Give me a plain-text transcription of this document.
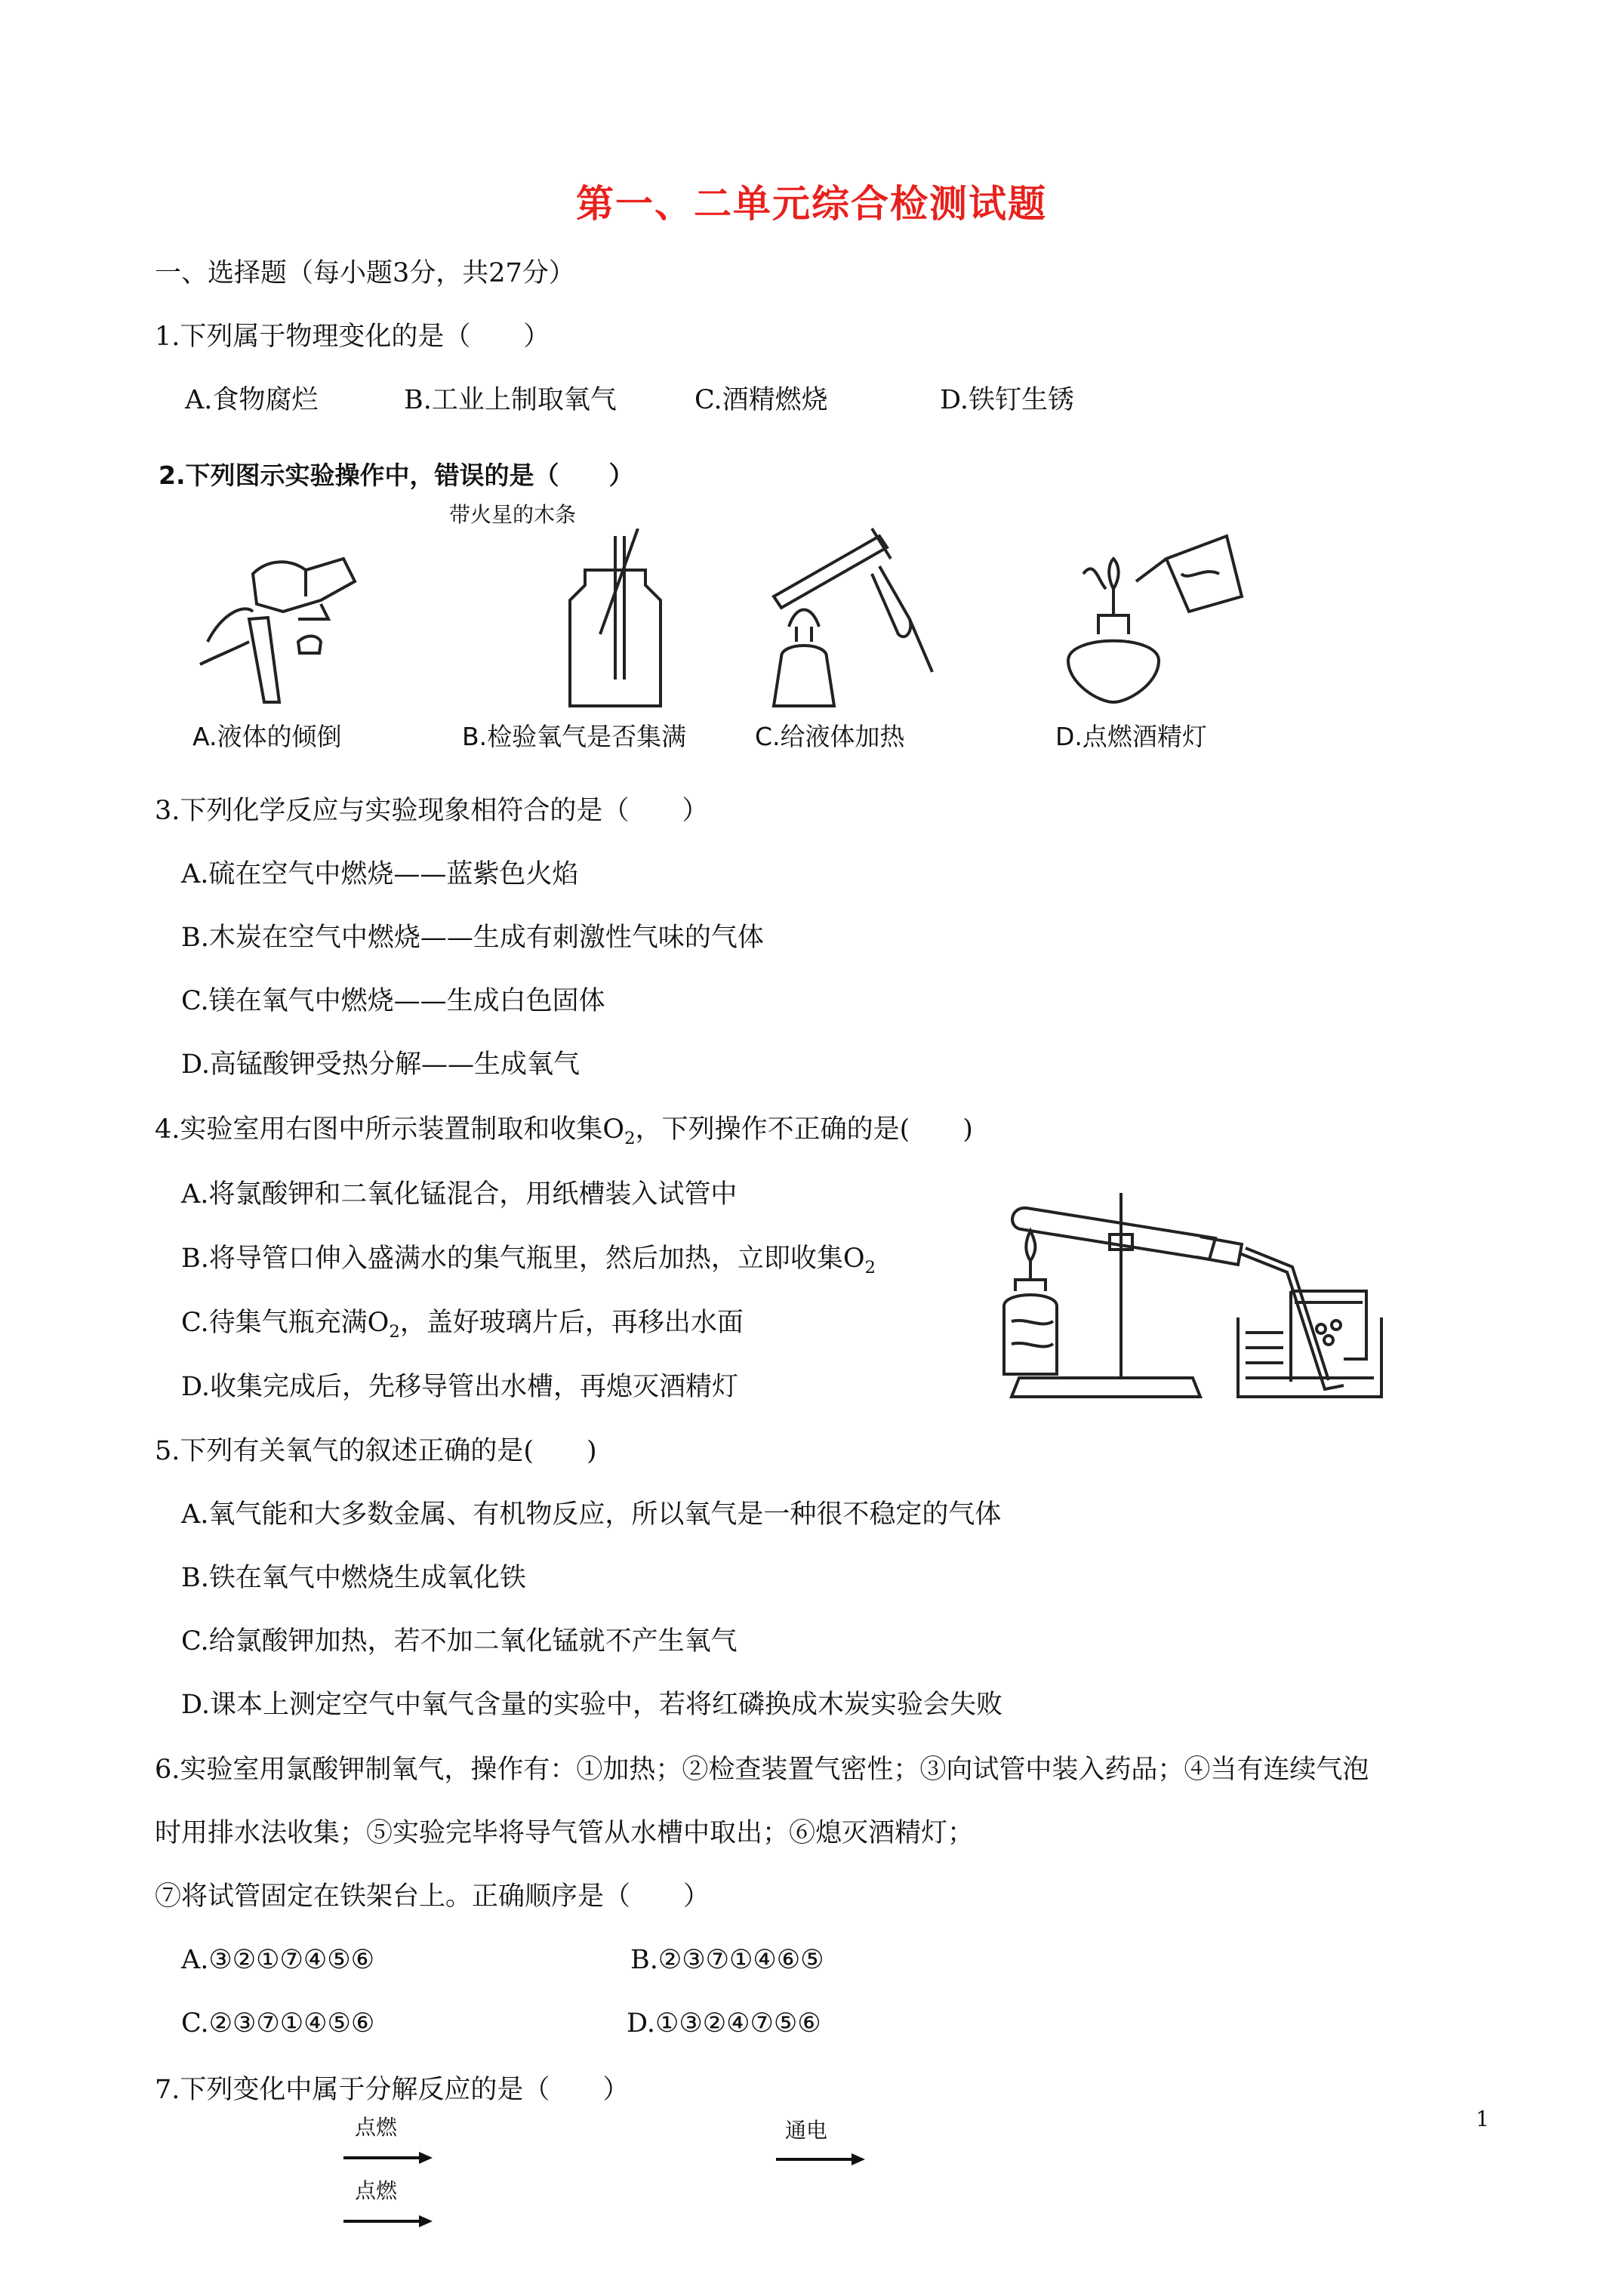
第一、二单元综合检测试题
一、选择题（每小题3分，共27分）
1.下列属于物理变化的是（　　）
A.食物腐烂	B.工业上制取氧气	C.酒精燃烧	D.铁钉生锈
2.下列图示实验操作中，错误的是（　　）
带火星的木条
A.液体的倾倒	B.检验氧气是否集满	C.给液体加热	D.点燃酒精灯
3.下列化学反应与实验现象相符合的是（　　）
A.硫在空气中燃烧——蓝紫色火焰
B.木炭在空气中燃烧——生成有刺激性气味的气体
C.镁在氧气中燃烧——生成白色固体
D.高锰酸钾受热分解——生成氧气
4.实验室用右图中所示装置制取和收集$O_2$，下列操作不正确的是(　　)
A.将氯酸钾和二氧化锰混合，用纸槽装入试管中
B.将导管口伸入盛满水的集气瓶里，然后加热，立即收集$O_2$
C.待集气瓶充满$O_2$，盖好玻璃片后，再移出水面
D.收集完成后，先移导管出水槽，再熄灭酒精灯
5.下列有关氧气的叙述正确的是(　　)
A.氧气能和大多数金属、有机物反应，所以氧气是一种很不稳定的气体
B.铁在氧气中燃烧生成氧化铁
C.给氯酸钾加热，若不加二氧化锰就不产生氧气
D.课本上测定空气中氧气含量的实验中，若将红磷换成木炭实验会失败
6.实验室用氯酸钾制氧气，操作有：①加热；②检查装置气密性；③向试管中装入药品；④当有连续气泡
时用排水法收集；⑤实验完毕将导气管从水槽中取出；⑥熄灭酒精灯；
⑦将试管固定在铁架台上。正确顺序是（　　）
A.③②①⑦④⑤⑥	B.②③⑦①④⑥⑤
C.②③⑦①④⑤⑥	D.①③②④⑦⑤⑥
7.下列变化中属于分解反应的是（　　）
点燃	通电
点燃
1
